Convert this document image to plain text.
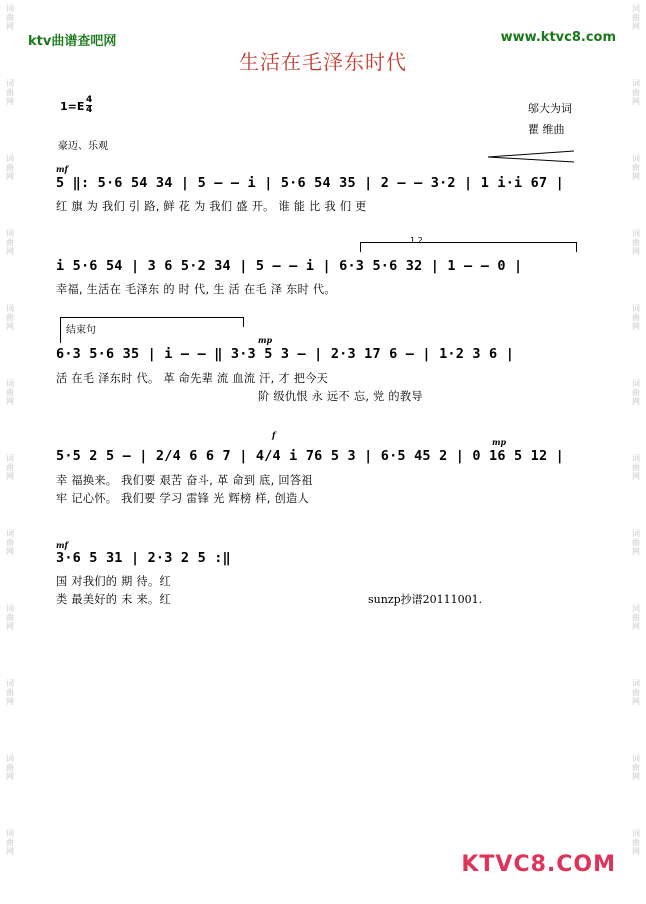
词
曲
网
词
曲
网
词
曲
网
词
曲
网
词
曲
网
词
曲
网
词
曲
网
词
曲
网
词
曲
网
词
曲
网
词
曲
网
词
曲
网
词
曲
网
词
曲
网
词
曲
网
词
曲
网
词
曲
网
词
曲
网
词
曲
网
词
曲
网
词
曲
网
词
曲
网
词
曲
网
词
曲
网
ktv曲谱查吧网	www.ktvc8.com
生活在毛泽东时代
$1=E \frac{4}{4}$	邬大为词
瞿 维曲
豪迈、乐观
mf
mp
f
mp
mf
1.2
结束句
5 ‖: 5·6 54 34 | 5 – – i | 5·6 54 35 | 2 – – 3·2 | 1 i·i 67 |
红 旗 为 我们 引 路, 鲜 花 为 我们 盛 开。 谁 能 比 我 们 更
i 5·6 54 | 3 6 5·2 34 | 5 – – i | 6·3 5·6 32 | 1 – – 0 |
幸福, 生活在 毛泽东 的 时 代, 生 活 在毛 泽 东时 代。
6·3 5·6 35 | i – – ‖ 3·3 5 3 – | 2·3 17 6 – | 1·2 3 6 |
活 在毛 泽东时 代。 革 命先辈 流 血流 汗, 才 把今天
阶 级仇恨 永 远不 忘, 党 的教导
5·5 2 5 – | 2/4 6 6 7 | 4/4 i 76 5 3 | 6·5 45 2 | 0 16 5 12 |
幸 福换来。 我们要 艰苦 奋斗, 革 命到 底, 回答祖
牢 记心怀。 我们要 学习 雷锋 光 辉榜 样, 创造人
3·6 5 31 | 2·3 2 5 :‖
国 对我们的 期 待。红
类 最美好的 未 来。红	sunzp抄谱20111001.
KTVC8.COM
